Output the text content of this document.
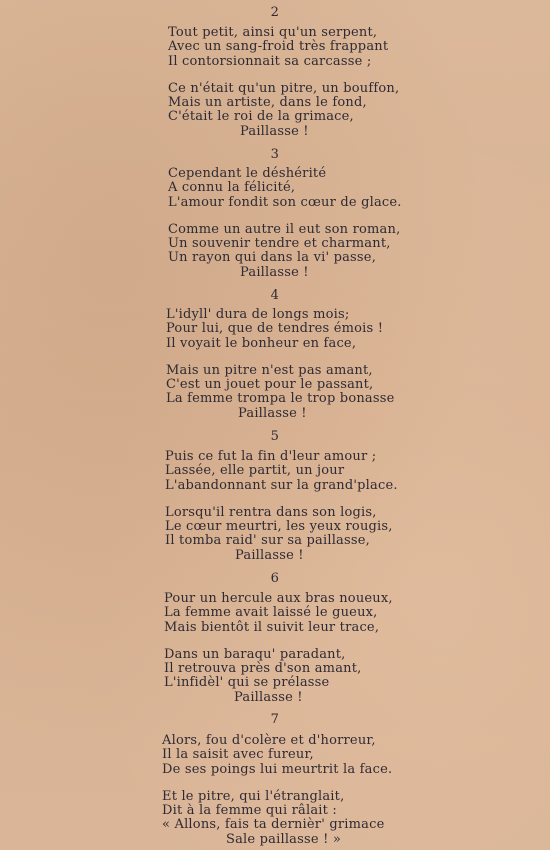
2
Tout petit, ainsi qu'un serpent,
Avec un sang-froid très frappant
Il contorsionnait sa carcasse ;
Ce n'était qu'un pitre, un bouffon,
Mais un artiste, dans le fond,
C'était le roi de la grimace,
Paillasse !
3
Cependant le déshérité
A connu la félicité,
L'amour fondit son cœur de glace.
Comme un autre il eut son roman,
Un souvenir tendre et charmant,
Un rayon qui dans la vi' passe,
Paillasse !
4
L'idyll' dura de longs mois;
Pour lui, que de tendres émois !
Il voyait le bonheur en face,
Mais un pitre n'est pas amant,
C'est un jouet pour le passant,
La femme trompa le trop bonasse
Paillasse !
5
Puis ce fut la fin d'leur amour ;
Lassée, elle partit, un jour
L'abandonnant sur la grand'place.
Lorsqu'il rentra dans son logis,
Le cœur meurtri, les yeux rougis,
Il tomba raid' sur sa paillasse,
Paillasse !
6
Pour un hercule aux bras noueux,
La femme avait laissé le gueux,
Mais bientôt il suivit leur trace,
Dans un baraqu' paradant,
Il retrouva près d'son amant,
L'infidèl' qui se prélasse
Paillasse !
7
Alors, fou d'colère et d'horreur,
Il la saisit avec fureur,
De ses poings lui meurtrit la face.
Et le pitre, qui l'étranglait,
Dit à la femme qui râlait :
« Allons, fais ta dernièr' grimace
Sale paillasse ! »
